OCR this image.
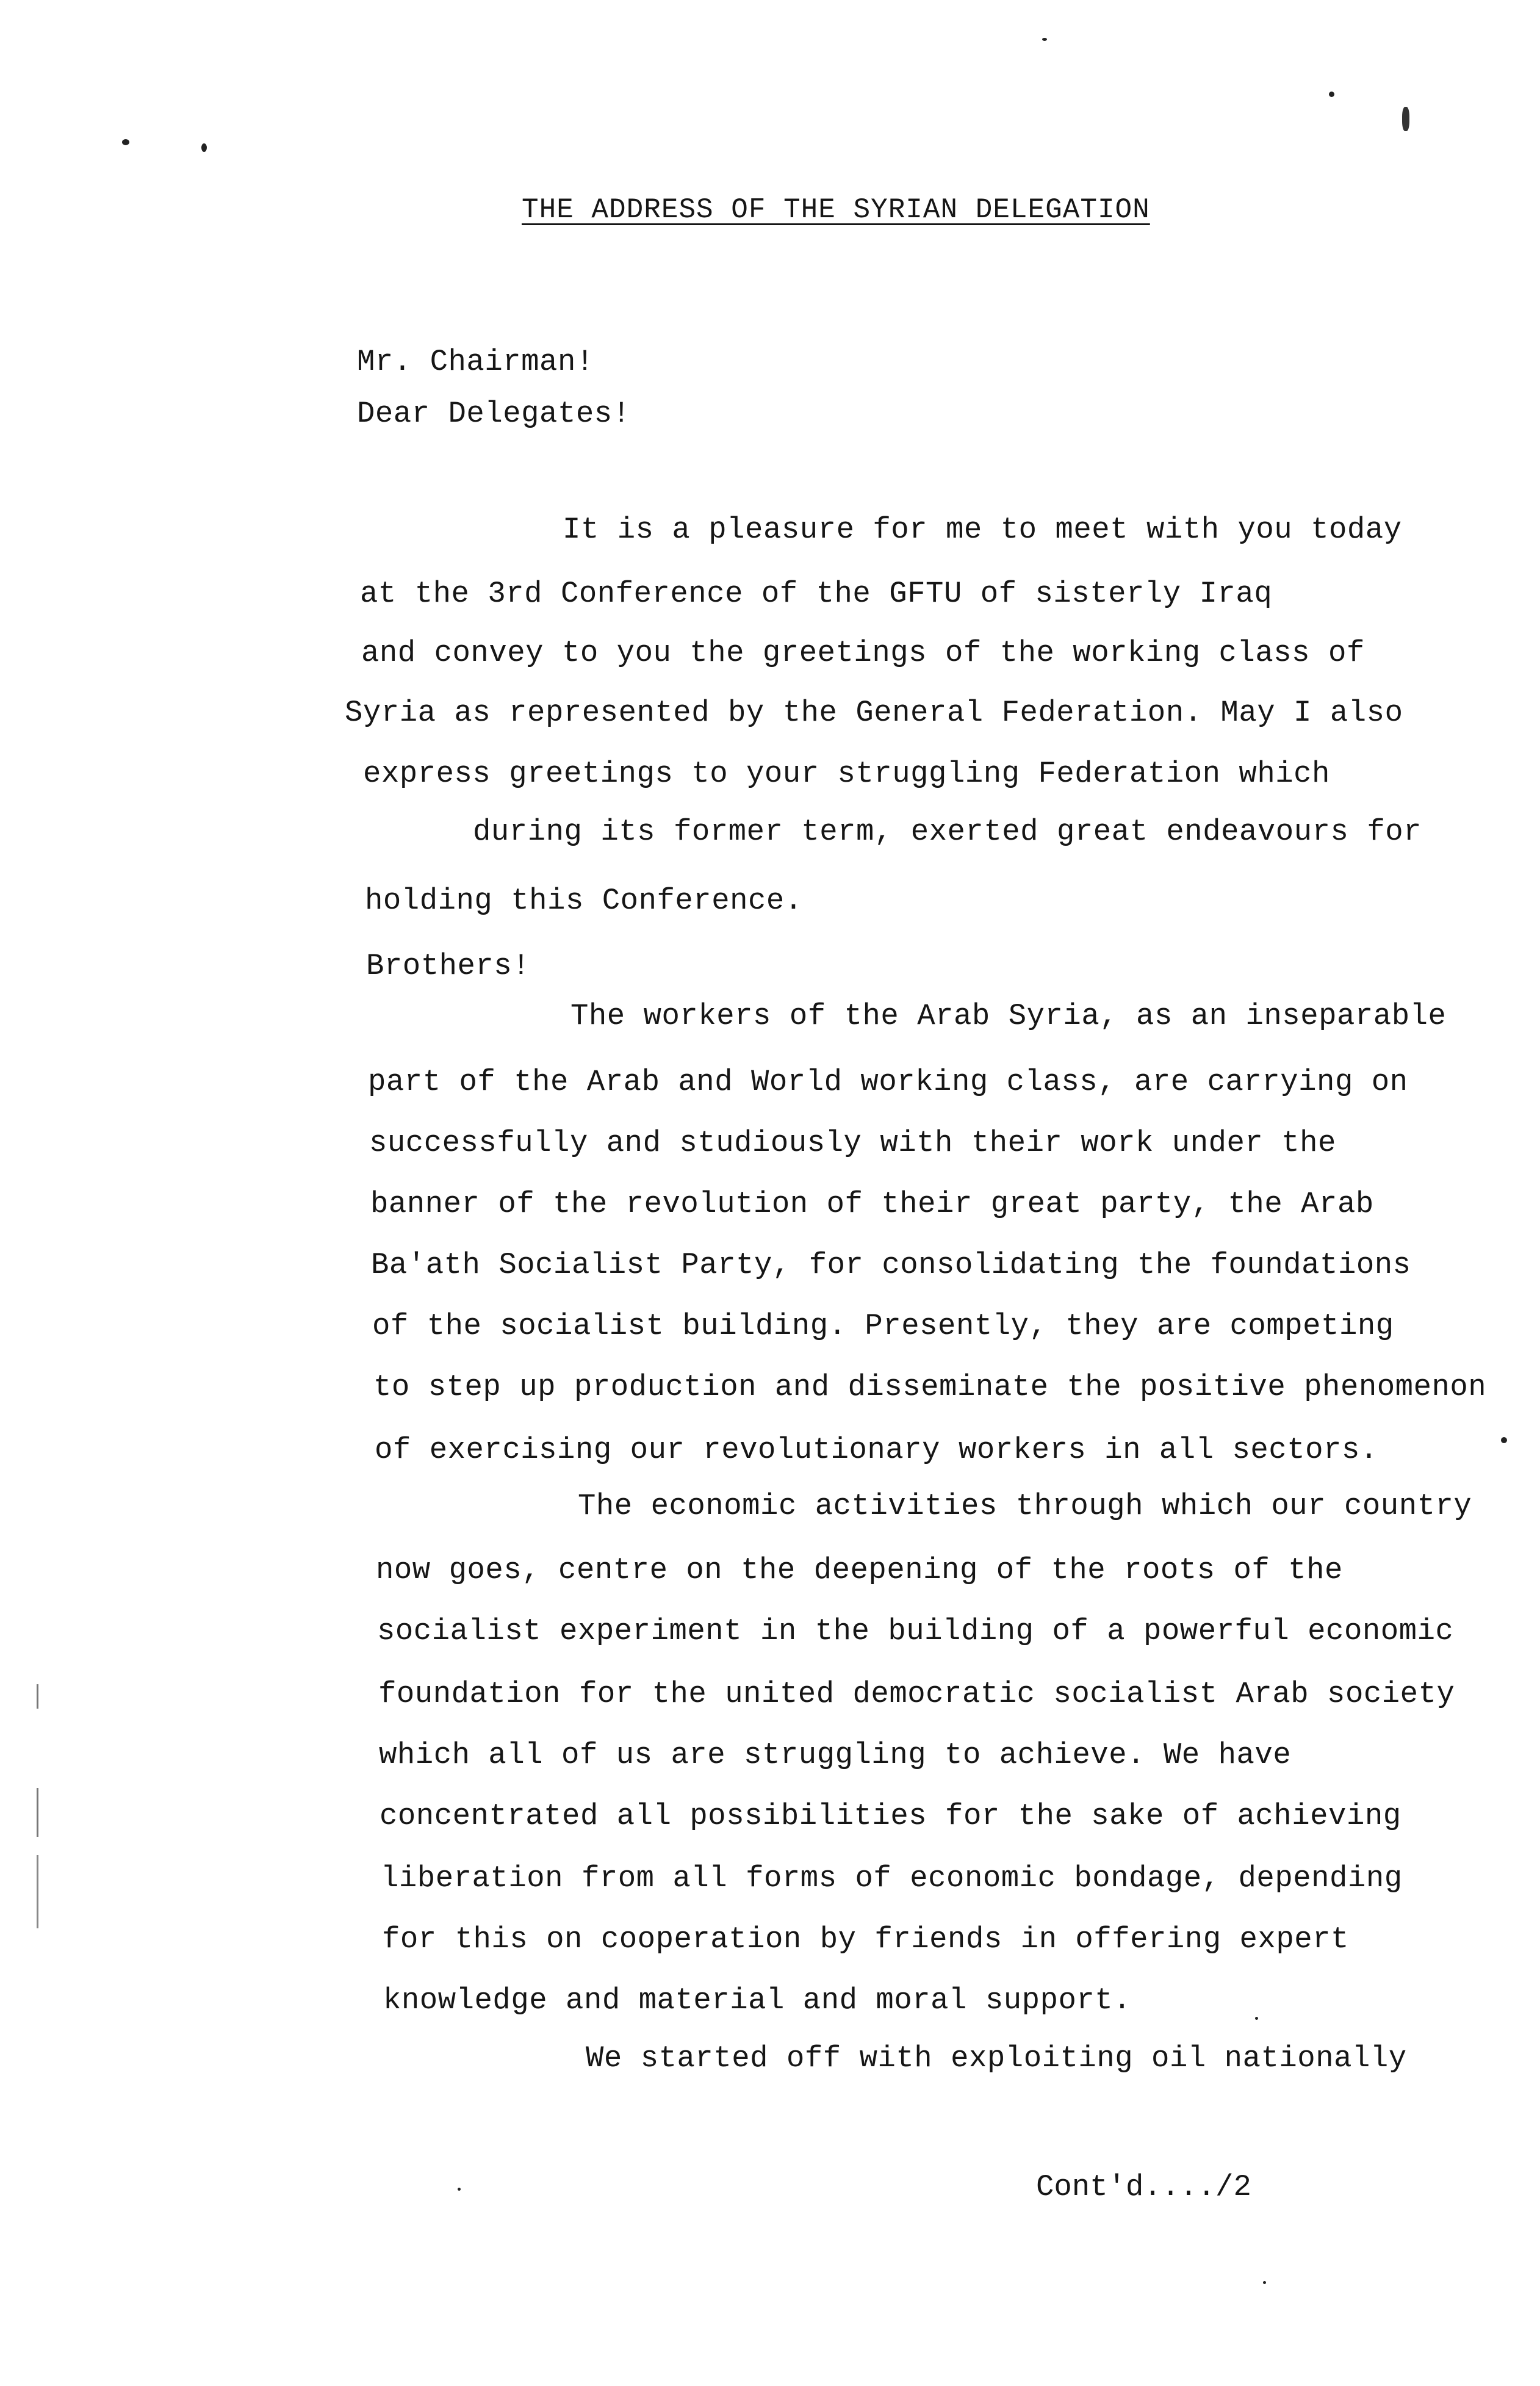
THE ADDRESS OF THE SYRIAN DELEGATION
Mr. Chairman!
Dear Delegates!
It is a pleasure for me to meet with you today
at the 3rd Conference of the GFTU of sisterly Iraq
and convey to you the greetings of the working class of
Syria as represented by the General Federation. May I also
express greetings to your struggling Federation which
during its former term, exerted great endeavours for
holding this Conference.
Brothers!
The workers of the Arab Syria, as an inseparable
part of the Arab and World working class, are carrying on
successfully and studiously with their work under the
banner of the revolution of their great party, the Arab
Ba'ath Socialist Party, for consolidating the foundations
of the socialist building. Presently, they are competing
to step up production and disseminate the positive phenomenon
of exercising our revolutionary workers in all sectors.
The economic activities through which our country
now goes, centre on the deepening of the roots of the
socialist experiment in the building of a powerful economic
foundation for the united democratic socialist Arab society
which all of us are struggling to achieve. We have
concentrated all possibilities for the sake of achieving
liberation from all forms of economic bondage, depending
for this on cooperation by friends in offering expert
knowledge and material and moral support.
We started off with exploiting oil nationally
Cont'd..../2
